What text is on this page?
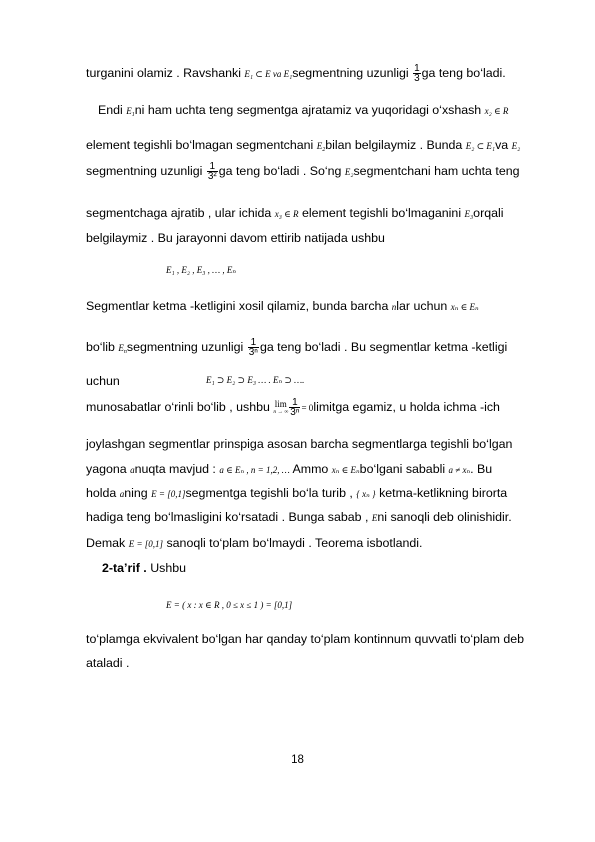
turganini olamiz . Ravshanki E₁ ⊂ E va E₁segmentning uzunligi $\frac{1}{3}$ ga teng bo‘ladi.
Endi $E_1ni$ ham uchta teng segmentga ajratamiz va yuqoridagi o‘xshash x₂ ∈ R
element tegishli bo‘lmagan segmentchani $E_2bilan$ belgilaymiz . Bunda E₂ ⊂ E₁va E₂
segmentning uzunligi $\frac{1}{\text{3²}}$ ga teng bo‘ladi . So‘ng E₂segmentchani ham uchta teng
segmentchaga ajratib , ular ichida x₃ ∈ R element tegishli bo‘lmaganini E₃orqali
belgilaymiz . Bu jarayonni davom ettirib natijada ushbu
E₁ , E₂ , E₃ , … , Eₙ
Segmentlar ketma -ketligini xosil qilamiz, bunda barcha nlar uchun xₙ ∈ Eₙ
bo‘lib $E_nsegmentning$ uzunligi $\frac{1}{\text{3ⁿ}}$ ga teng bo‘ladi . Bu segmentlar ketma -ketligi
uchun	E₁ ⊃ E₂ ⊃ E₃ … . Eₙ ⊃ ….
munosabatlar o‘rinli bo‘lib , ushbu lim
n → ∞ $\frac{1}{\text{3ⁿ}}$ = 0limitga egamiz, u holda ichma -ich
joylashgan segmentlar prinspiga asosan barcha segmentlarga tegishli bo‘lgan
yagona anuqta mavjud : a ∈ Eₙ , n = 1,2, … Ammo xₙ ∈ Eₙbo‘lgani sababli a ≠ xₙ. Bu
holda aning E = [0,1]segmentga tegishli bo‘la turib , { xₙ } ketma-ketlikning birorta
hadiga teng bo‘lmasligini ko‘rsatadi . Bunga sabab , Eni sanoqli deb olinishidir.
Demak E = [0,1] sanoqli to‘plam bo‘lmaydi . Teorema isbotlandi.
2-ta’rif . Ushbu
E = ( x : x ∈ R , 0 ≤ x ≤ 1 ) = [0,1]
to‘plamga ekvivalent bo‘lgan har qanday to‘plam kontinnum quvvatli to‘plam deb
ataladi .
18
